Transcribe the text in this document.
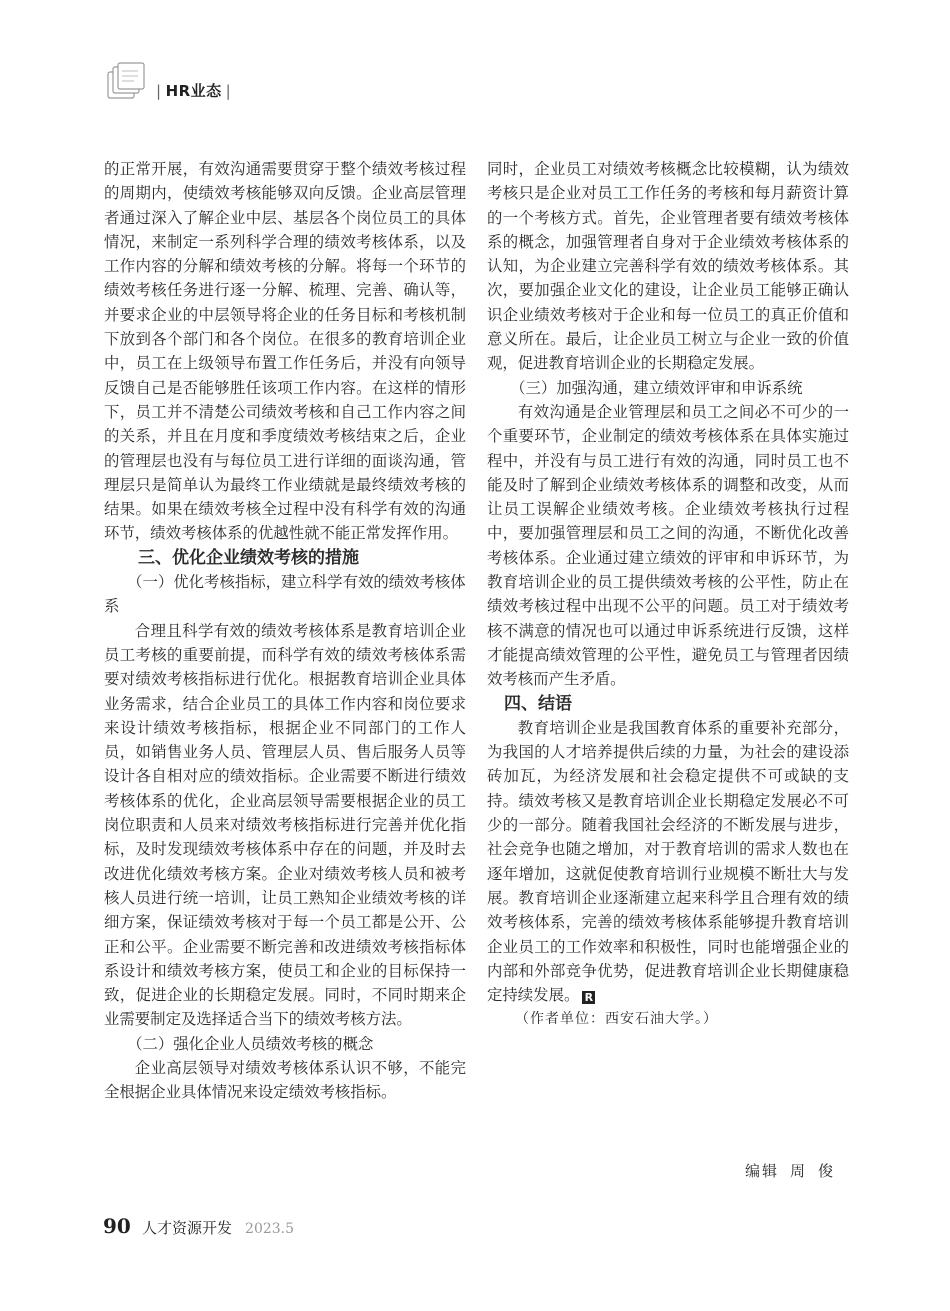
| HR业态 |

的正常开展，有效沟通需要贯穿于整个绩效考核过程的周期内，使绩效考核能够双向反馈。企业高层管理者通过深入了解企业中层、基层各个岗位员工的具体情况，来制定一系列科学合理的绩效考核体系，以及工作内容的分解和绩效考核的分解。将每一个环节的绩效考核任务进行逐一分解、梳理、完善、确认等，并要求企业的中层领导将企业的任务目标和考核机制下放到各个部门和各个岗位。在很多的教育培训企业中，员工在上级领导布置工作任务后，并没有向领导反馈自己是否能够胜任该项工作内容。在这样的情形下，员工并不清楚公司绩效考核和自己工作内容之间的关系，并且在月度和季度绩效考核结束之后，企业的管理层也没有与每位员工进行详细的面谈沟通，管理层只是简单认为最终工作业绩就是最终绩效考核的结果。如果在绩效考核全过程中没有科学有效的沟通环节，绩效考核体系的优越性就不能正常发挥作用。

三、优化企业绩效考核的措施
（一）优化考核指标，建立科学有效的绩效考核体系

合理且科学有效的绩效考核体系是教育培训企业员工考核的重要前提，而科学有效的绩效考核体系需要对绩效考核指标进行优化。根据教育培训企业具体业务需求，结合企业员工的具体工作内容和岗位要求来设计绩效考核指标，根据企业不同部门的工作人员，如销售业务人员、管理层人员、售后服务人员等设计各自相对应的绩效指标。企业需要不断进行绩效考核体系的优化，企业高层领导需要根据企业的员工岗位职责和人员来对绩效考核指标进行完善并优化指标，及时发现绩效考核体系中存在的问题，并及时去改进优化绩效考核方案。企业对绩效考核人员和被考核人员进行统一培训，让员工熟知企业绩效考核的详细方案，保证绩效考核对于每一个员工都是公开、公正和公平。企业需要不断完善和改进绩效考核指标体系设计和绩效考核方案，使员工和企业的目标保持一致，促进企业的长期稳定发展。同时，不同时期来企业需要制定及选择适合当下的绩效考核方法。

（二）强化企业人员绩效考核的概念

企业高层领导对绩效考核体系认识不够，不能完全根据企业具体情况来设定绩效考核指标。

同时，企业员工对绩效考核概念比较模糊，认为绩效考核只是企业对员工工作任务的考核和每月薪资计算的一个考核方式。首先，企业管理者要有绩效考核体系的概念，加强管理者自身对于企业绩效考核体系的认知，为企业建立完善科学有效的绩效考核体系。其次，要加强企业文化的建设，让企业员工能够正确认识企业绩效考核对于企业和每一位员工的真正价值和意义所在。最后，让企业员工树立与企业一致的价值观，促进教育培训企业的长期稳定发展。

（三）加强沟通，建立绩效评审和申诉系统

有效沟通是企业管理层和员工之间必不可少的一个重要环节，企业制定的绩效考核体系在具体实施过程中，并没有与员工进行有效的沟通，同时员工也不能及时了解到企业绩效考核体系的调整和改变，从而让员工误解企业绩效考核。企业绩效考核执行过程中，要加强管理层和员工之间的沟通，不断优化改善考核体系。企业通过建立绩效的评审和申诉环节，为教育培训企业的员工提供绩效考核的公平性，防止在绩效考核过程中出现不公平的问题。员工对于绩效考核不满意的情况也可以通过申诉系统进行反馈，这样才能提高绩效管理的公平性，避免员工与管理者因绩效考核而产生矛盾。

四、结语

教育培训企业是我国教育体系的重要补充部分，为我国的人才培养提供后续的力量，为社会的建设添砖加瓦，为经济发展和社会稳定提供不可或缺的支持。绩效考核又是教育培训企业长期稳定发展必不可少的一部分。随着我国社会经济的不断发展与进步，社会竞争也随之增加，对于教育培训的需求人数也在逐年增加，这就促使教育培训行业规模不断壮大与发展。教育培训企业逐渐建立起来科学且合理有效的绩效考核体系，完善的绩效考核体系能够提升教育培训企业员工的工作效率和积极性，同时也能增强企业的内部和外部竞争优势，促进教育培训企业长期健康稳定持续发展。 R

（作者单位：西安石油大学。）

编辑 周 俊
90 人才资源开发 2023.5
